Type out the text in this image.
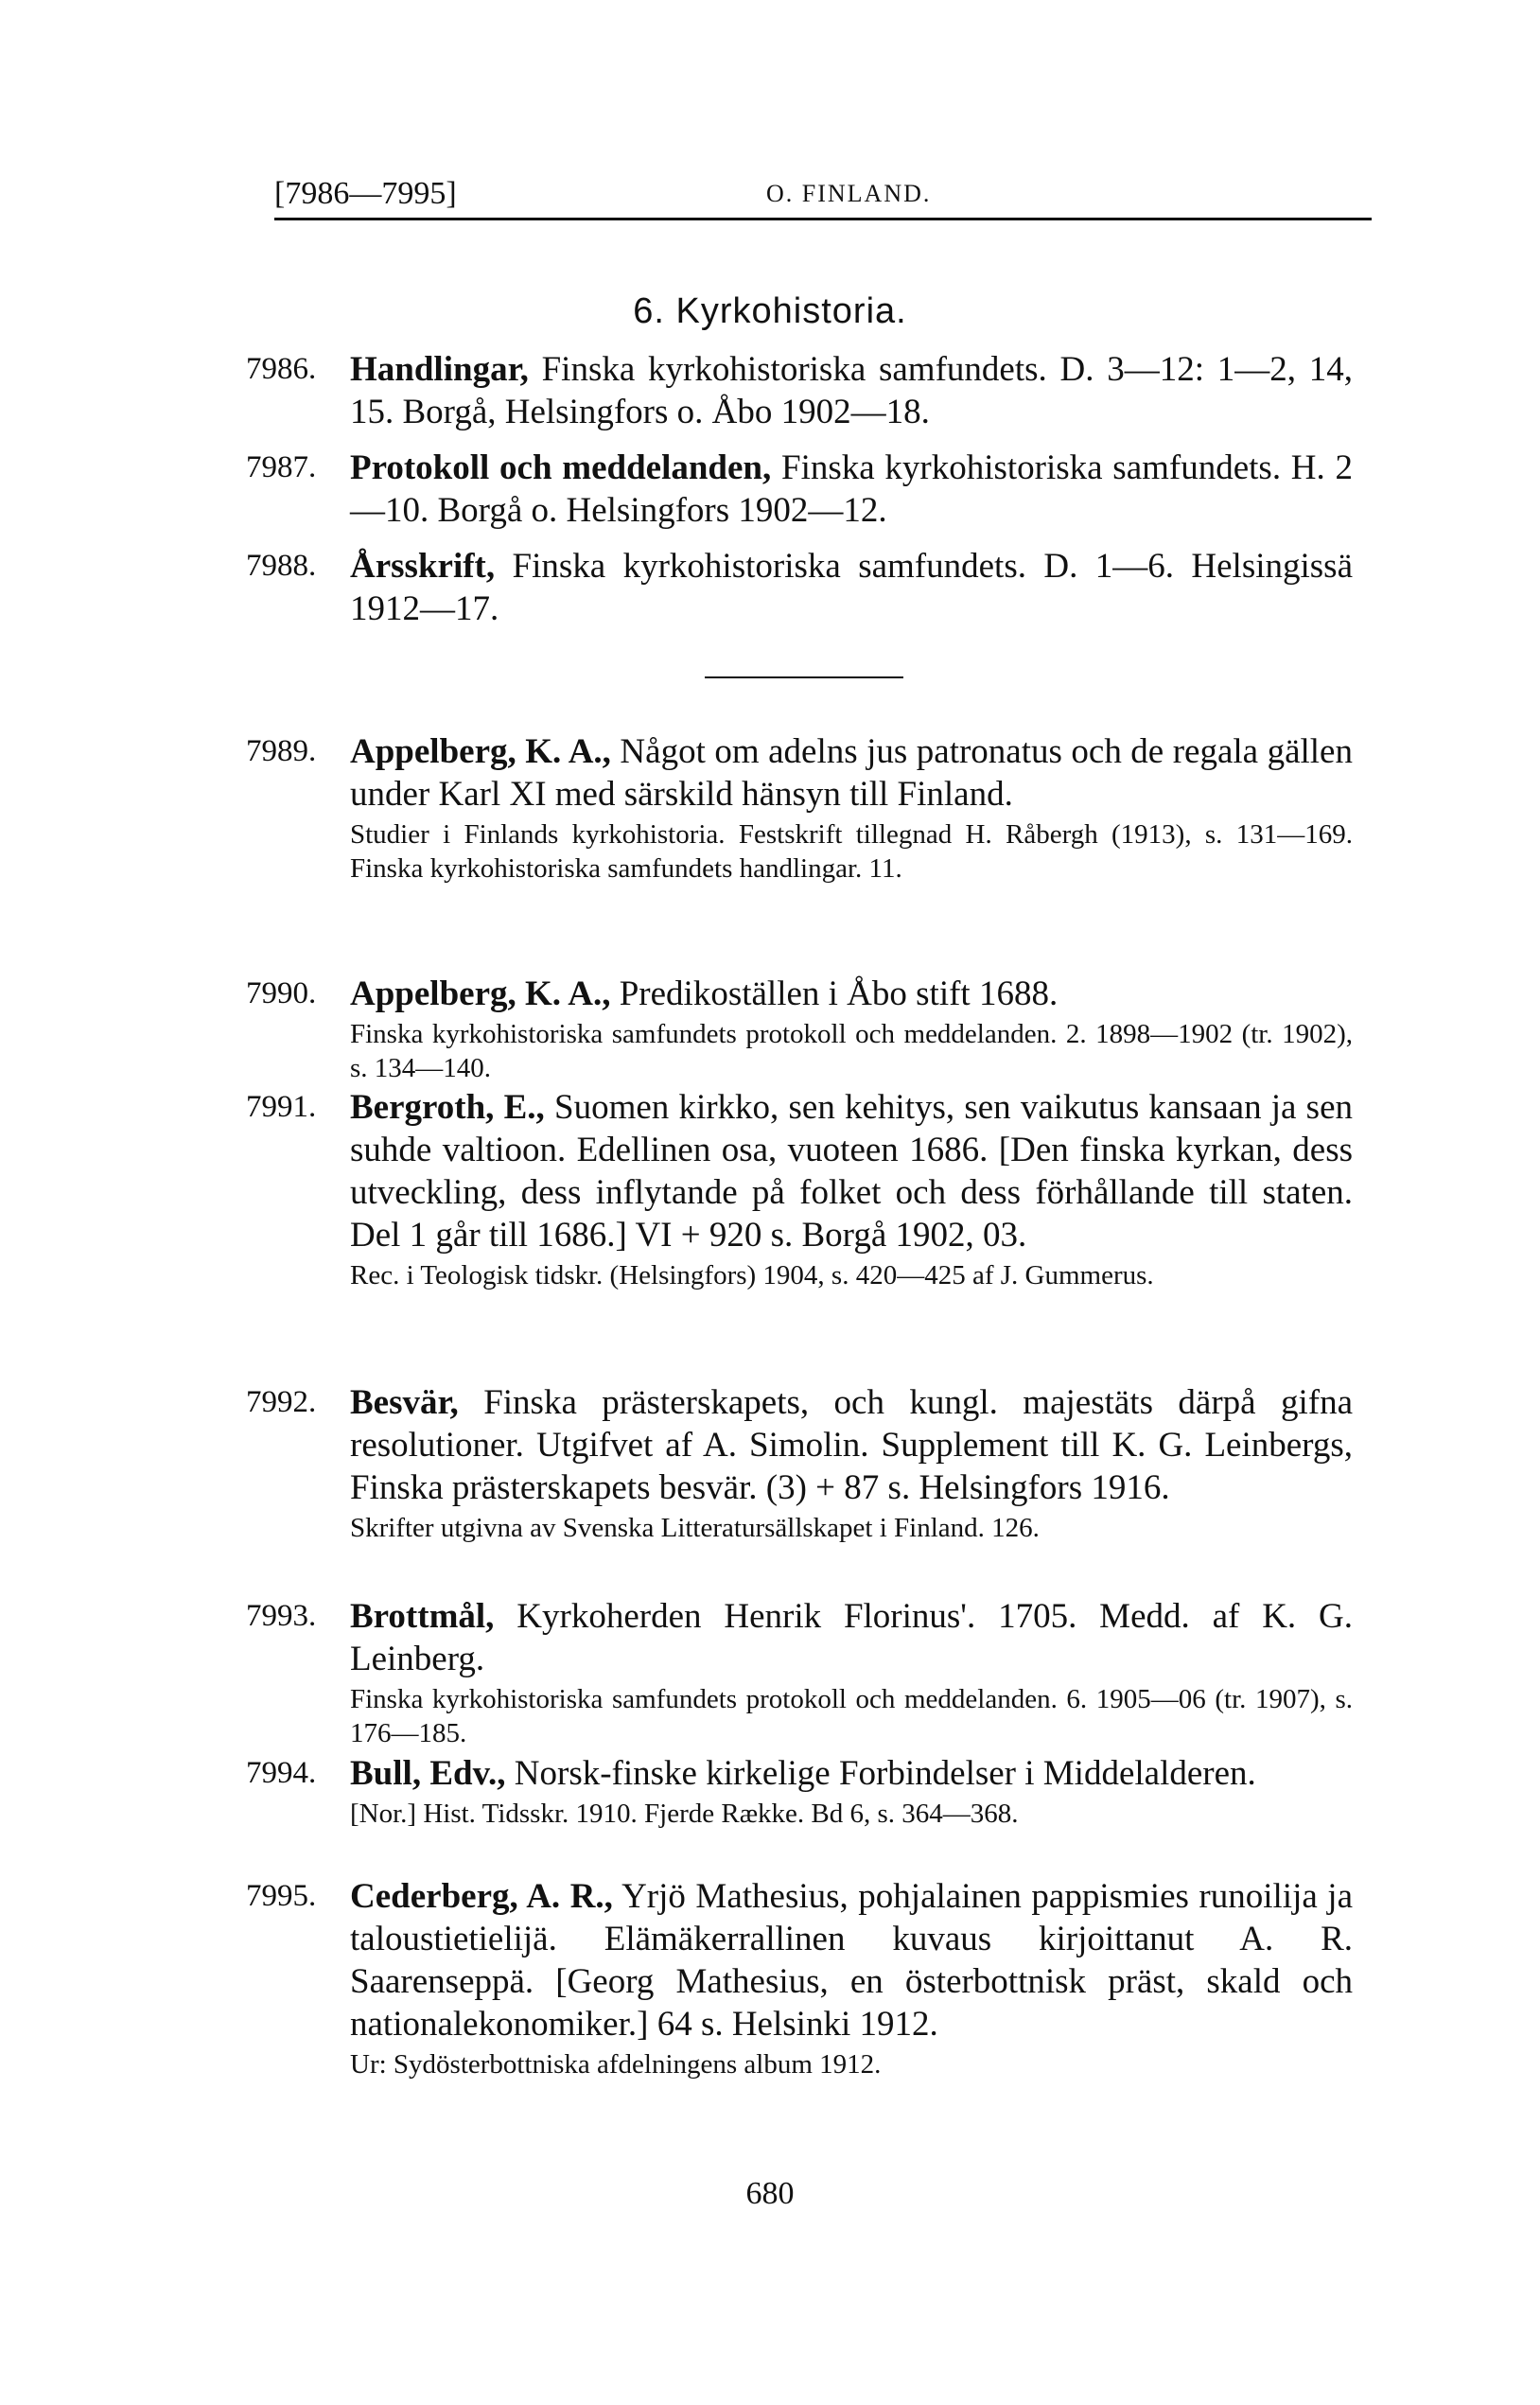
[7986—7995]	O. FINLAND.
6. Kyrkohistoria.
7986. Handlingar, Finska kyrkohistoriska samfundets. D. 3—12: 1—2, 14, 15. Borgå, Helsingfors o. Åbo 1902—18.
7987. Protokoll och meddelanden, Finska kyrkohistoriska samfundets. H. 2—10. Borgå o. Helsingfors 1902—12.
7988. Årsskrift, Finska kyrkohistoriska samfundets. D. 1—6. Helsingissä 1912—17.
7989. Appelberg, K. A., Något om adelns jus patronatus och de regala gällen under Karl XI med särskild hänsyn till Finland.
Studier i Finlands kyrkohistoria. Festskrift tillegnad H. Råbergh (1913), s. 131—169. Finska kyrkohistoriska samfundets handlingar. 11.
7990. Appelberg, K. A., Predikoställen i Åbo stift 1688.
Finska kyrkohistoriska samfundets protokoll och meddelanden. 2. 1898—1902 (tr. 1902), s. 134—140.
7991. Bergroth, E., Suomen kirkko, sen kehitys, sen vaikutus kansaan ja sen suhde valtioon. Edellinen osa, vuoteen 1686. [Den finska kyrkan, dess utveckling, dess inflytande på folket och dess förhållande till staten. Del 1 går till 1686.] VI + 920 s. Borgå 1902, 03.
Rec. i Teologisk tidskr. (Helsingfors) 1904, s. 420—425 af J. Gummerus.
7992. Besvär, Finska prästerskapets, och kungl. majestäts därpå gifna resolutioner. Utgifvet af A. Simolin. Supplement till K. G. Leinbergs, Finska prästerskapets besvär. (3) + 87 s. Helsingfors 1916.
Skrifter utgivna av Svenska Litteratursällskapet i Finland. 126.
7993. Brottmål, Kyrkoherden Henrik Florinus'. 1705. Medd. af K. G. Leinberg.
Finska kyrkohistoriska samfundets protokoll och meddelanden. 6. 1905—06 (tr. 1907), s. 176—185.
7994. Bull, Edv., Norsk-finske kirkelige Forbindelser i Middelalderen.
[Nor.] Hist. Tidsskr. 1910. Fjerde Række. Bd 6, s. 364—368.
7995. Cederberg, A. R., Yrjö Mathesius, pohjalainen pappismies runoilija ja taloustietielijä. Elämäkerrallinen kuvaus kirjoittanut A. R. Saarenseppä. [Georg Mathesius, en österbottnisk präst, skald och nationalekonomiker.] 64 s. Helsinki 1912.
Ur: Sydösterbottniska afdelningens album 1912.
680
